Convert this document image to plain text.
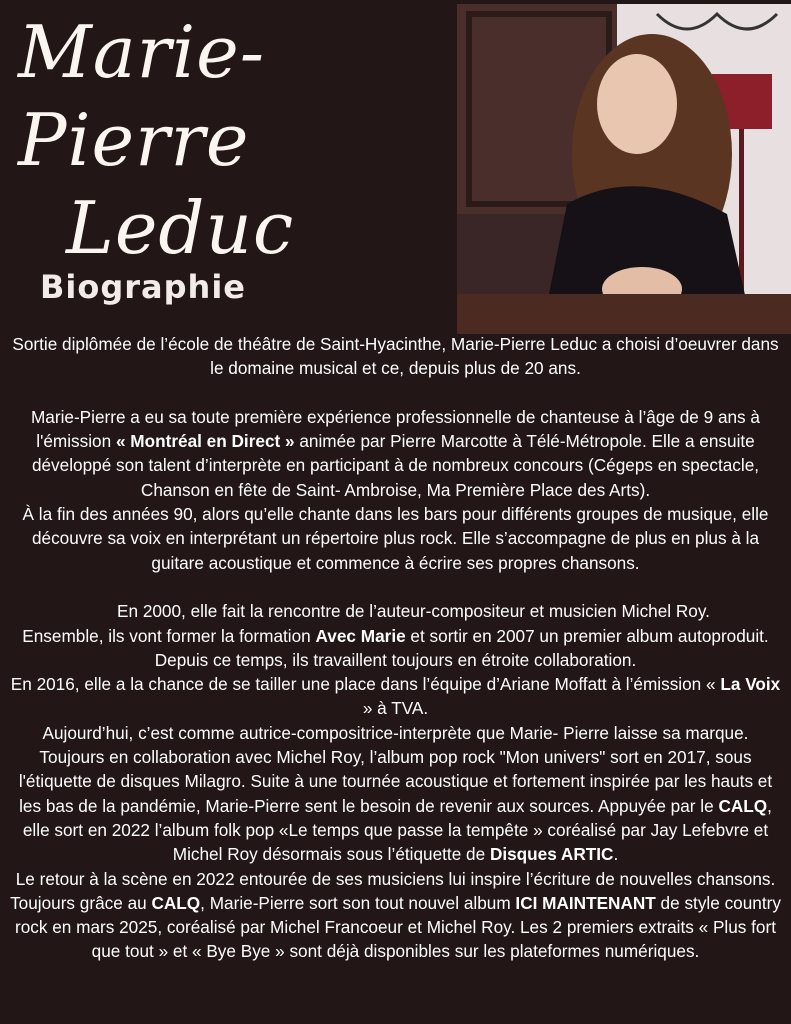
Marie-Pierre
Leduc
Biographie

Sortie diplômée de l’école de théâtre de Saint-Hyacinthe, Marie-Pierre Leduc a choisi d’oeuvrer dans le domaine musical et ce, depuis plus de 20 ans.

Marie-Pierre a eu sa toute première expérience professionnelle de chanteuse à l’âge de 9 ans à l'émission « Montréal en Direct » animée par Pierre Marcotte à Télé-Métropole. Elle a ensuite développé son talent d’interprète en participant à de nombreux concours (Cégeps en spectacle, Chanson en fête de Saint- Ambroise, Ma Première Place des Arts).

À la fin des années 90, alors qu’elle chante dans les bars pour différents groupes de musique, elle découvre sa voix en interprétant un répertoire plus rock. Elle s’accompagne de plus en plus à la guitare acoustique et commence à écrire ses propres chansons.

En 2000, elle fait la rencontre de l’auteur-compositeur et musicien Michel Roy.

Ensemble, ils vont former la formation Avec Marie et sortir en 2007 un premier album autoproduit. Depuis ce temps, ils travaillent toujours en étroite collaboration.

En 2016, elle a la chance de se tailler une place dans l’équipe d’Ariane Moffatt à l’émission « La Voix » à TVA.

Aujourd’hui, c’est comme autrice-compositrice-interprète que Marie- Pierre laisse sa marque. Toujours en collaboration avec Michel Roy, l’album pop rock "Mon univers" sort en 2017, sous l'étiquette de disques Milagro. Suite à une tournée acoustique et fortement inspirée par les hauts et les bas de la pandémie, Marie-Pierre sent le besoin de revenir aux sources. Appuyée par le CALQ, elle sort en 2022 l’album folk pop «Le temps que passe la tempête » coréalisé par Jay Lefebvre et Michel Roy désormais sous l’étiquette de Disques ARTIC.

Le retour à la scène en 2022 entourée de ses musiciens lui inspire l’écriture de nouvelles chansons. Toujours grâce au CALQ, Marie-Pierre sort son tout nouvel album ICI MAINTENANT de style country rock en mars 2025, coréalisé par Michel Francoeur et Michel Roy. Les 2 premiers extraits « Plus fort que tout » et « Bye Bye » sont déjà disponibles sur les plateformes numériques.
